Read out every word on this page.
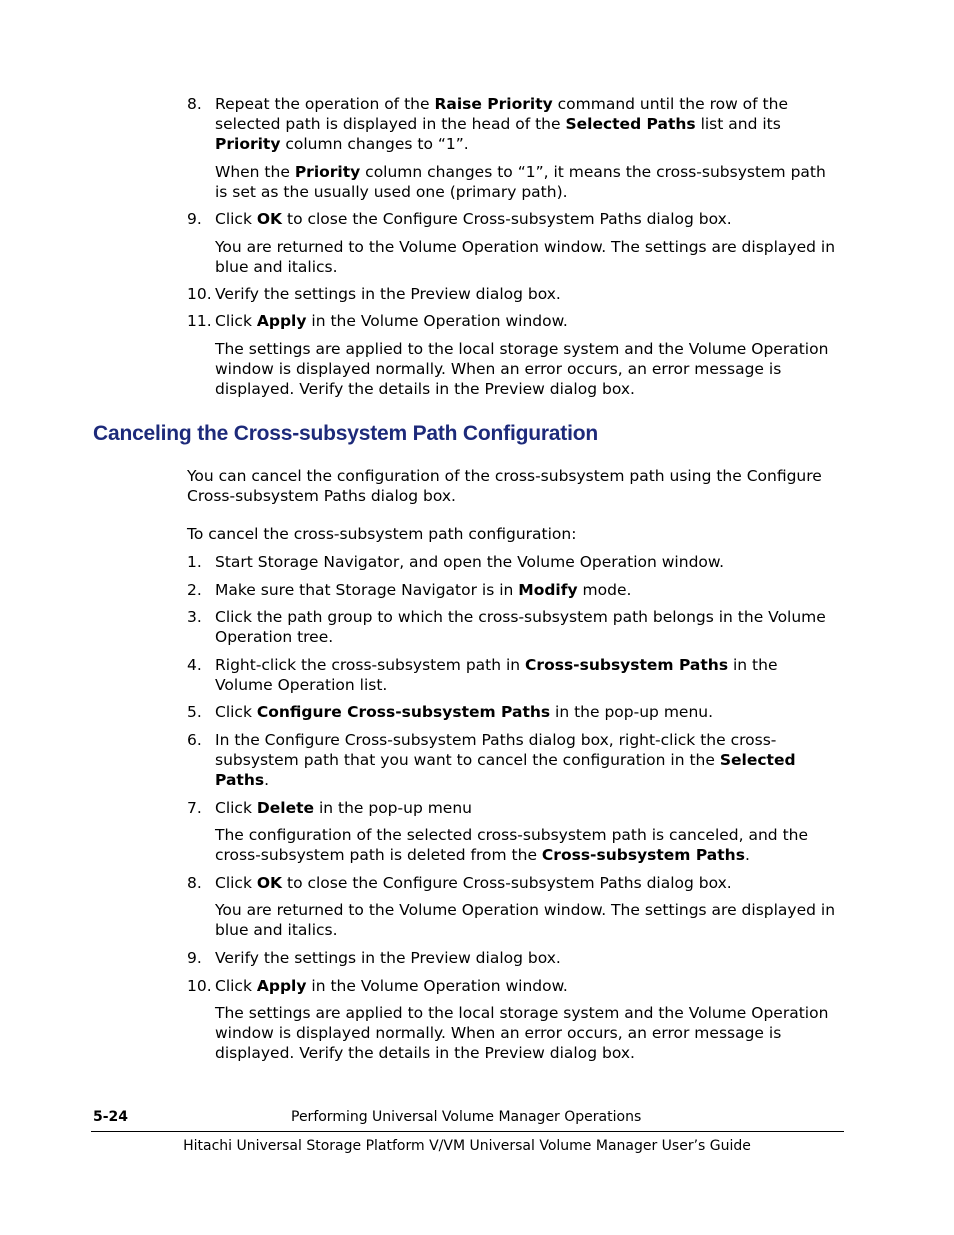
8. Repeat the operation of the Raise Priority command until the row of the selected path is displayed in the head of the Selected Paths list and its Priority column changes to “1”.
When the Priority column changes to “1”, it means the cross-subsystem path is set as the usually used one (primary path).
9. Click OK to close the Configure Cross-subsystem Paths dialog box.
You are returned to the Volume Operation window. The settings are displayed in blue and italics.
10. Verify the settings in the Preview dialog box.
11. Click Apply in the Volume Operation window.
The settings are applied to the local storage system and the Volume Operation window is displayed normally. When an error occurs, an error message is displayed. Verify the details in the Preview dialog box.
Canceling the Cross-subsystem Path Configuration
You can cancel the configuration of the cross-subsystem path using the Configure Cross-subsystem Paths dialog box.
To cancel the cross-subsystem path configuration:
1. Start Storage Navigator, and open the Volume Operation window.
2. Make sure that Storage Navigator is in Modify mode.
3. Click the path group to which the cross-subsystem path belongs in the Volume Operation tree.
4. Right-click the cross-subsystem path in Cross-subsystem Paths in the Volume Operation list.
5. Click Configure Cross-subsystem Paths in the pop-up menu.
6. In the Configure Cross-subsystem Paths dialog box, right-click the cross-subsystem path that you want to cancel the configuration in the Selected Paths.
7. Click Delete in the pop-up menu
The configuration of the selected cross-subsystem path is canceled, and the cross-subsystem path is deleted from the Cross-subsystem Paths.
8. Click OK to close the Configure Cross-subsystem Paths dialog box.
You are returned to the Volume Operation window. The settings are displayed in blue and italics.
9. Verify the settings in the Preview dialog box.
10. Click Apply in the Volume Operation window.
The settings are applied to the local storage system and the Volume Operation window is displayed normally. When an error occurs, an error message is displayed. Verify the details in the Preview dialog box.
5-24	Performing Universal Volume Manager Operations
Hitachi Universal Storage Platform V/VM Universal Volume Manager User’s Guide
